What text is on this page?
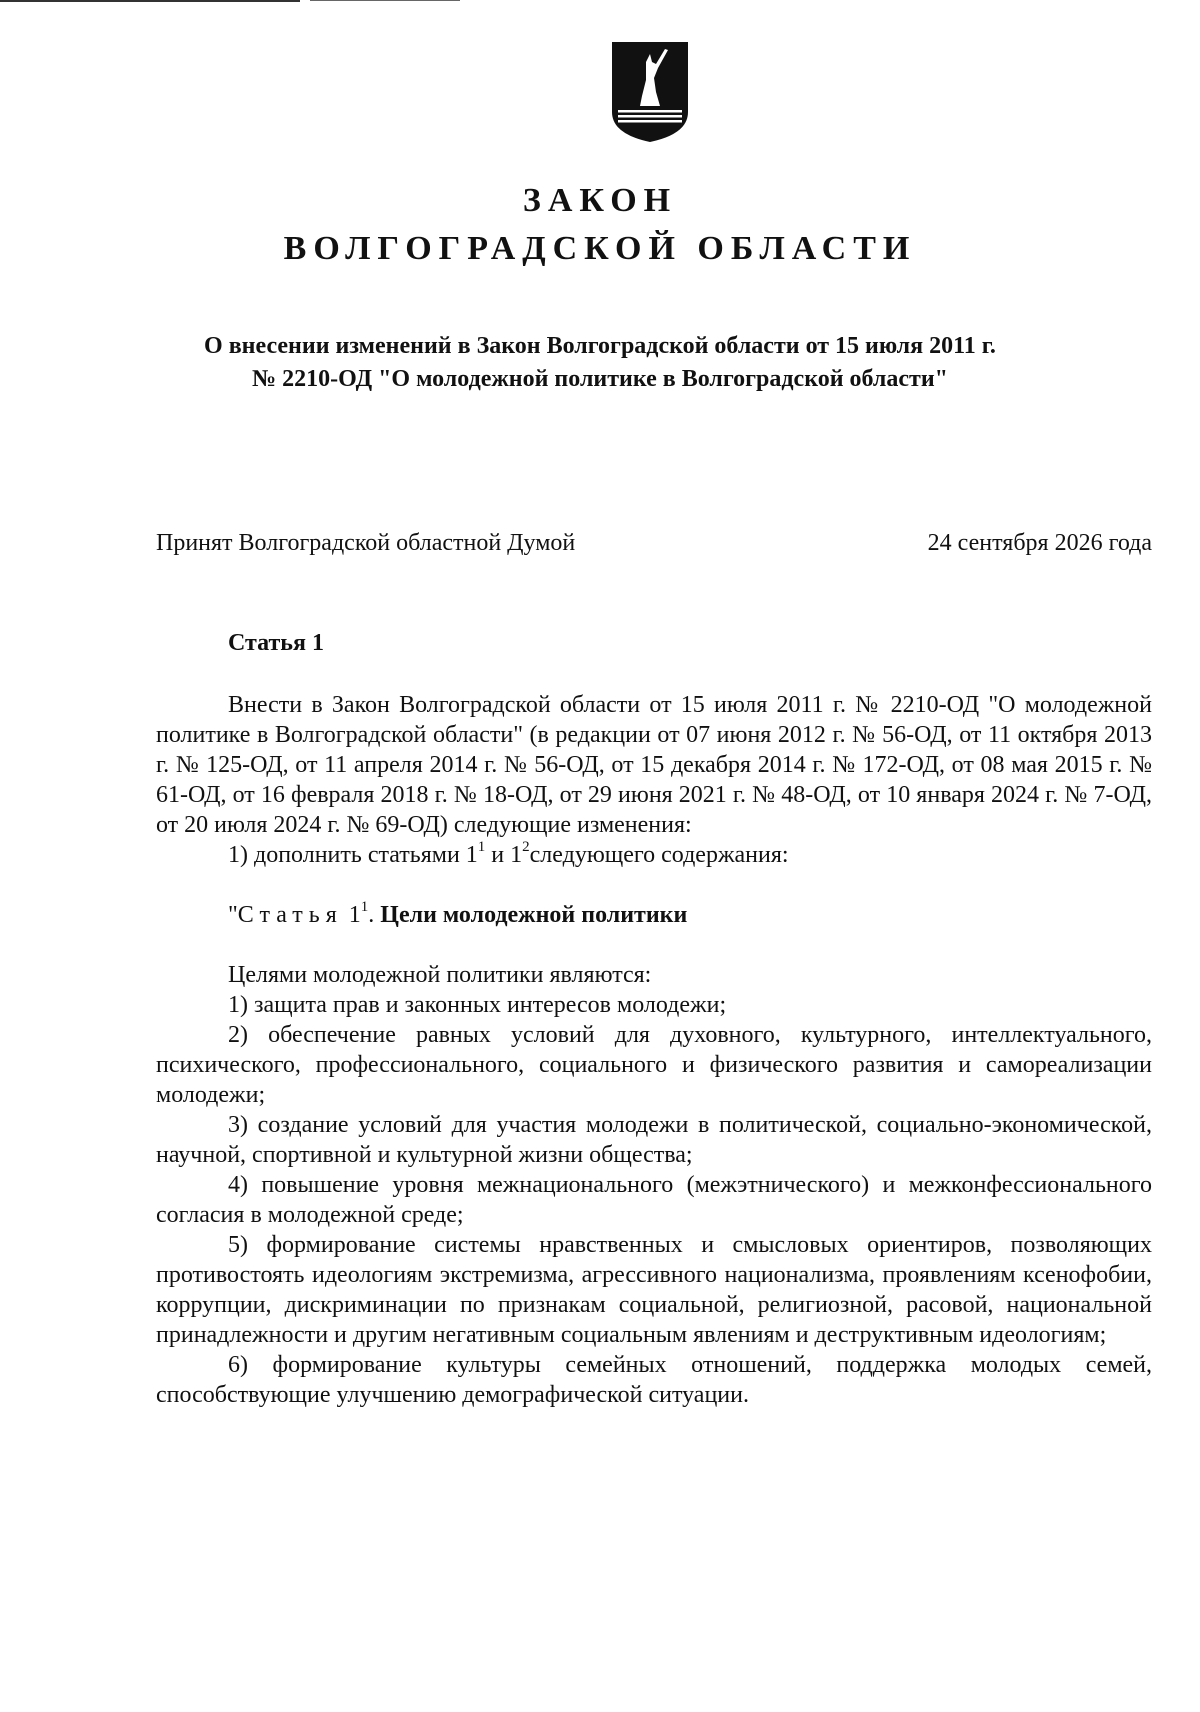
ЗАКОН
ВОЛГОГРАДСКОЙ ОБЛАСТИ
О внесении изменений в Закон Волгоградской области от 15 июля 2011 г.
№ 2210-ОД "О молодежной политике в Волгоградской области"
Принят Волгоградской областной Думой	24 сентября 2026 года
Статья 1

Внести в Закон Волгоградской области от 15 июля 2011 г. № 2210-ОД "О молодежной политике в Волгоградской области" (в редакции от 07 июня 2012 г. № 56-ОД, от 11 октября 2013 г. № 125-ОД, от 11 апреля 2014 г. № 56-ОД, от 15 декабря 2014 г. № 172-ОД, от 08 мая 2015 г. № 61-ОД, от 16 февраля 2018 г. № 18-ОД, от 29 июня 2021 г. № 48-ОД, от 10 января 2024 г. № 7-ОД, от 20 июля 2024 г. № 69-ОД) следующие изменения:

1) дополнить статьями $1^1$ и $1^2следующего$ содержания:

"Статья $1^1$. Цели молодежной политики

Целями молодежной политики являются:

1) защита прав и законных интересов молодежи;

2) обеспечение равных условий для духовного, культурного, интеллектуального, психического, профессионального, социального и физического развития и самореализации молодежи;

3) создание условий для участия молодежи в политической, социально-экономической, научной, спортивной и культурной жизни общества;

4) повышение уровня межнационального (межэтнического) и межконфессионального согласия в молодежной среде;

5) формирование системы нравственных и смысловых ориентиров, позволяющих противостоять идеологиям экстремизма, агрессивного национализма, проявлениям ксенофобии, коррупции, дискриминации по признакам социальной, религиозной, расовой, национальной принадлежности и другим негативным социальным явлениям и деструктивным идеологиям;

6) формирование культуры семейных отношений, поддержка молодых семей, способствующие улучшению демографической ситуации.
